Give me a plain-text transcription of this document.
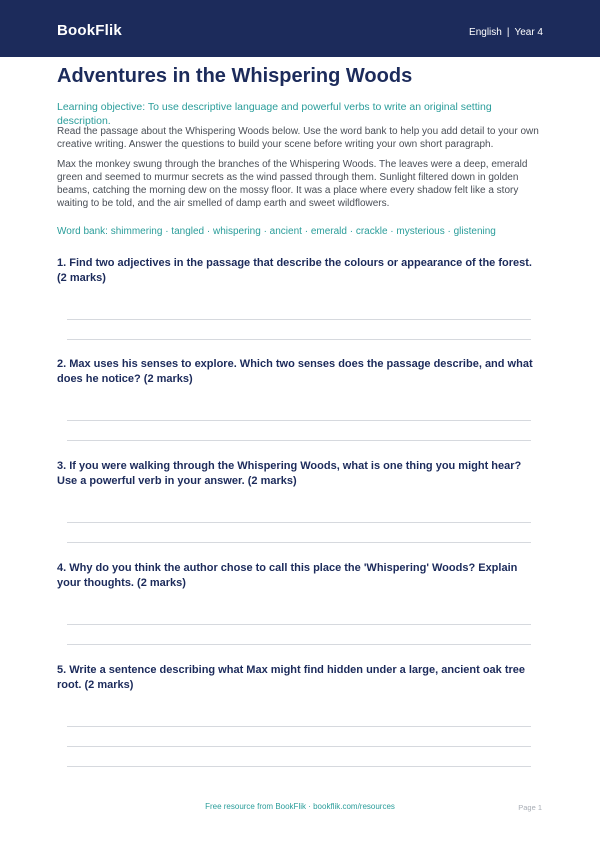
BookFlik	English | Year 4
Adventures in the Whispering Woods
Learning objective: To use descriptive language and powerful verbs to write an original setting description.
Read the passage about the Whispering Woods below. Use the word bank to help you add detail to your own creative writing. Answer the questions to build your scene before writing your own short paragraph.
Max the monkey swung through the branches of the Whispering Woods. The leaves were a deep, emerald green and seemed to murmur secrets as the wind passed through them. Sunlight filtered down in golden beams, catching the morning dew on the mossy floor. It was a place where every shadow felt like a story waiting to be told, and the air smelled of damp earth and sweet wildflowers.
Word bank: shimmering · tangled · whispering · ancient · emerald · crackle · mysterious · glistening
1. Find two adjectives in the passage that describe the colours or appearance of the forest. (2 marks)
2. Max uses his senses to explore. Which two senses does the passage describe, and what does he notice? (2 marks)
3. If you were walking through the Whispering Woods, what is one thing you might hear? Use a powerful verb in your answer. (2 marks)
4. Why do you think the author chose to call this place the 'Whispering' Woods? Explain your thoughts. (2 marks)
5. Write a sentence describing what Max might find hidden under a large, ancient oak tree root. (2 marks)
Free resource from BookFlik · bookflik.com/resources	Page 1
